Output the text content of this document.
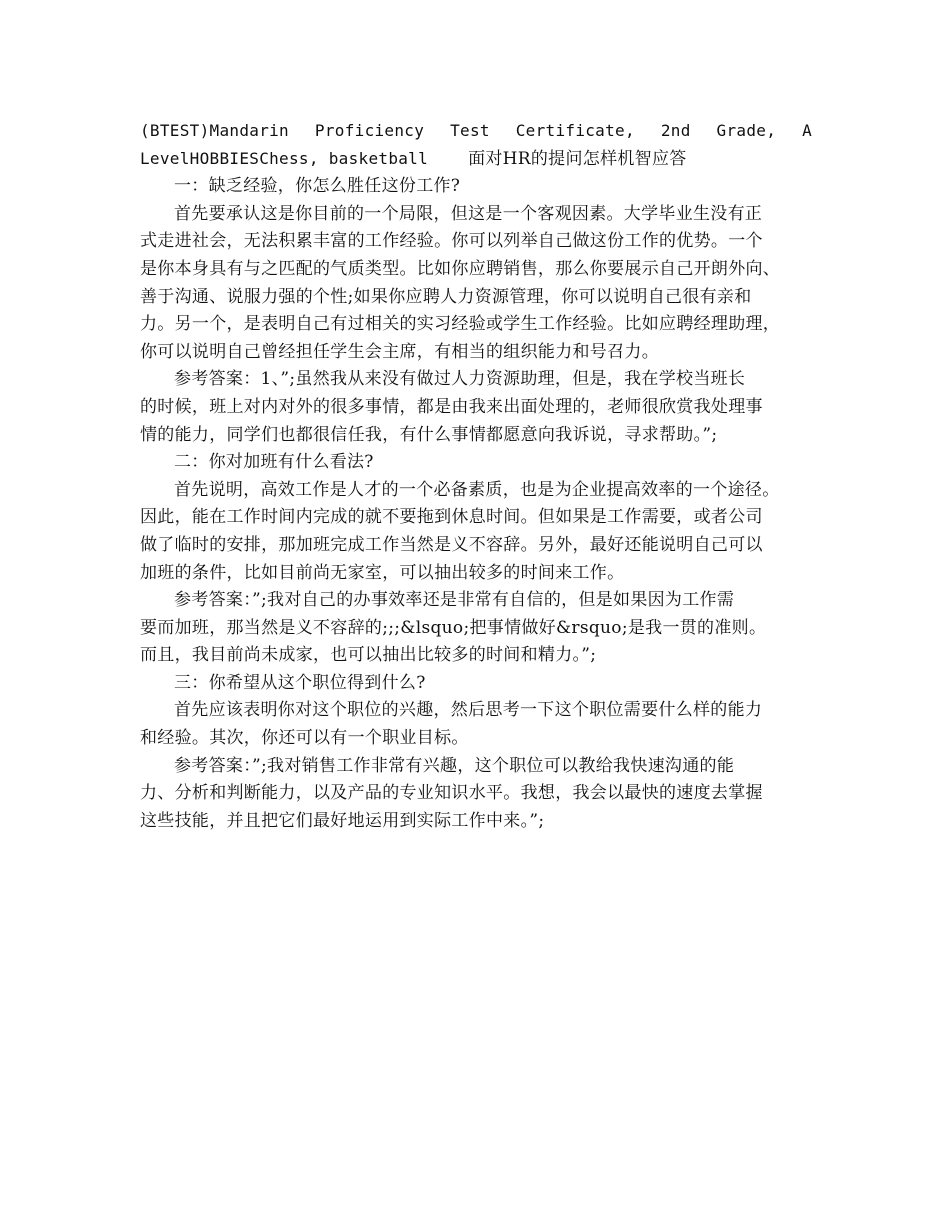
(BTEST)Mandarin Proficiency Test Certificate, 2nd Grade, A
LevelHOBBIESChess, basketball 面对HR的提问怎样机智应答
一：缺乏经验，你怎么胜任这份工作?
首先要承认这是你目前的一个局限，但这是一个客观因素。大学毕业生没有正
式走进社会，无法积累丰富的工作经验。你可以列举自己做这份工作的优势。一个
是你本身具有与之匹配的气质类型。比如你应聘销售，那么你要展示自己开朗外向、
善于沟通、说服力强的个性;如果你应聘人力资源管理，你可以说明自己很有亲和
力。另一个，是表明自己有过相关的实习经验或学生工作经验。比如应聘经理助理，
你可以说明自己曾经担任学生会主席，有相当的组织能力和号召力。
参考答案：1、”;虽然我从来没有做过人力资源助理，但是，我在学校当班长
的时候，班上对内对外的很多事情，都是由我来出面处理的，老师很欣赏我处理事
情的能力，同学们也都很信任我，有什么事情都愿意向我诉说，寻求帮助。”;
二：你对加班有什么看法?
首先说明，高效工作是人才的一个必备素质，也是为企业提高效率的一个途径。
因此，能在工作时间内完成的就不要拖到休息时间。但如果是工作需要，或者公司
做了临时的安排，那加班完成工作当然是义不容辞。另外，最好还能说明自己可以
加班的条件，比如目前尚无家室，可以抽出较多的时间来工作。
参考答案：”;我对自己的办事效率还是非常有自信的，但是如果因为工作需
要而加班，那当然是义不容辞的;;;&lsquo;把事情做好&rsquo;是我一贯的准则。
而且，我目前尚未成家，也可以抽出比较多的时间和精力。”;
三：你希望从这个职位得到什么?
首先应该表明你对这个职位的兴趣，然后思考一下这个职位需要什么样的能力
和经验。其次，你还可以有一个职业目标。
参考答案：”;我对销售工作非常有兴趣，这个职位可以教给我快速沟通的能
力、分析和判断能力，以及产品的专业知识水平。我想，我会以最快的速度去掌握
这些技能，并且把它们最好地运用到实际工作中来。”;
